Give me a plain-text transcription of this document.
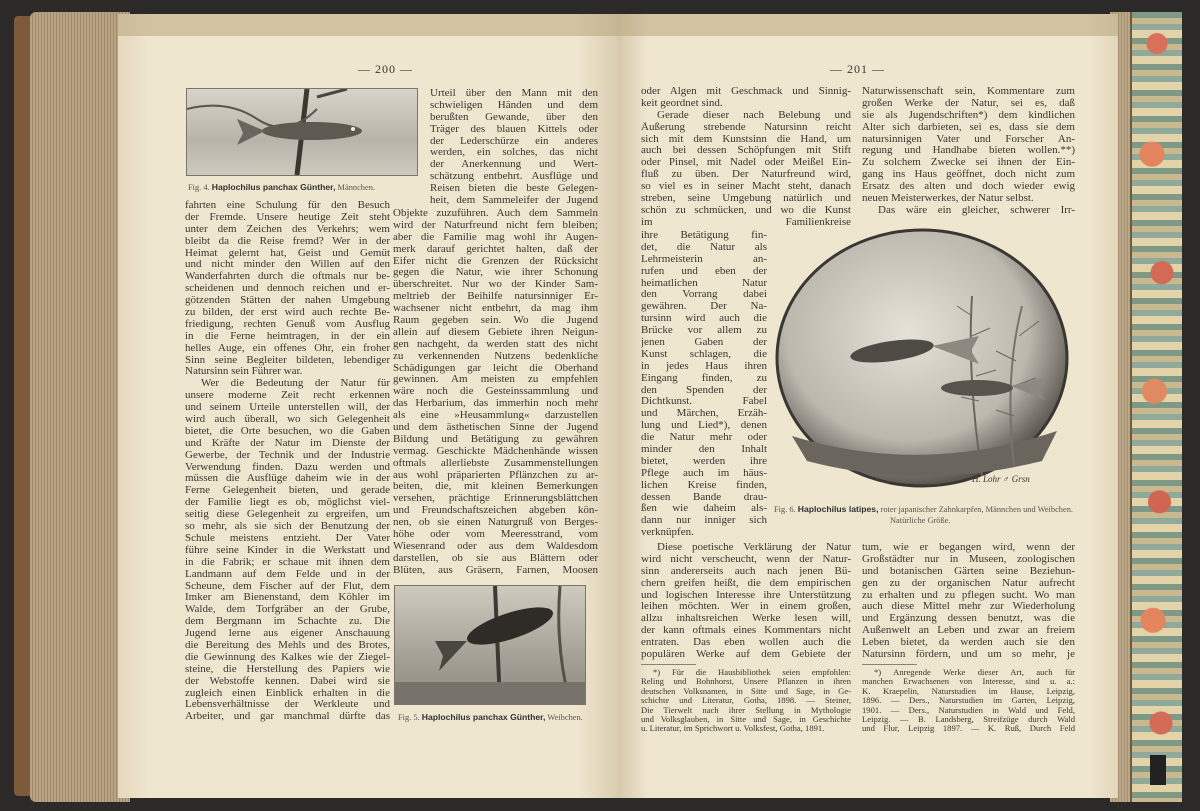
— 200 —	— 201 —
Fig. 4. Haplochilus panchax Günther, Männchen.
Fig. 5. Haplochilus panchax Günther, Weibchen.
H. Lohr ♂ Grsn
Fig. 6. Haplochilus latipes, roter japanischer Zahnkarpfen, Männchen und Weibchen.
Natürliche Größe.
fahrten eine Schulung für den Besuch
der Fremde. Unsere heutige Zeit steht
unter dem Zeichen des Verkehrs; wem
bleibt da die Reise fremd? Wer in der
Heimat gelernt hat, Geist und Gemüt
und nicht minder den Willen auf den
Wanderfahrten durch die oftmals nur be-
scheidenen und dennoch reichen und er-
götzenden Stätten der nahen Umgebung
zu bilden, der erst wird auch rechte Be-
friedigung, rechten Genuß vom Ausflug
in die Ferne heimtragen, in der ein
helles Auge, ein offenes Ohr, ein froher
Sinn seine Begleiter bildeten, lebendiger
Natursinn sein Führer war.
Wer die Bedeutung der Natur für
unsere moderne Zeit recht erkennen
und seinem Urteile unterstellen will, der
wird auch überall, wo sich Gelegenheit
bietet, die Orte besuchen, wo die Gaben
und Kräfte der Natur im Dienste der
Gewerbe, der Technik und der Industrie
Verwendung finden. Dazu werden und
müssen die Ausflüge daheim wie in der
Ferne Gelegenheit bieten, und gerade
der Familie liegt es ob, möglichst viel-
seitig diese Gelegenheit zu ergreifen, um
so mehr, als sie sich der Benutzung der
Schule meistens entzieht. Der Vater
führe seine Kinder in die Werkstatt und
in die Fabrik; er schaue mit ihnen dem
Landmann auf dem Felde und in der
Scheune, dem Fischer auf der Flut, dem
Imker am Bienenstand, dem Köhler im
Walde, dem Torfgräber an der Grube,
dem Bergmann im Schachte zu. Die
Jugend lerne aus eigener Anschauung
die Bereitung des Mehls und des Brotes,
die Gewinnung des Kalkes wie der Ziegel-
steine, die Herstellung des Papiers wie
der Webstoffe kennen. Dabei wird sie
zugleich einen Einblick erhalten in die
Lebensverhältnisse der Werkleute und
Arbeiter, und gar manchmal dürfte das
Urteil über den Mann mit den
schwieligen Händen und dem
berußten Gewande, über den
Träger des blauen Kittels oder
der Lederschürze ein anderes
werden, ein solches, das nicht
der Anerkennung und Wert-
schätzung entbehrt. Ausflüge und
Reisen bieten die beste Gelegen-
heit, dem Sammeleifer der Jugend
Objekte zuzuführen. Auch dem Sammeln
wird der Naturfreund nicht fern bleiben;
aber die Familie mag wohl ihr Augen-
merk darauf gerichtet halten, daß der
Eifer nicht die Grenzen der Rücksicht
gegen die Natur, wie ihrer Schonung
überschreitet. Nur wo der Kinder Sam-
meltrieb der Beihilfe natursinniger Er-
wachsener nicht entbehrt, da mag ihm
Raum gegeben sein. Wo die Jugend
allein auf diesem Gebiete ihren Neigun-
gen nachgeht, da werden statt des nicht
zu verkennenden Nutzens bedenkliche
Schädigungen gar leicht die Oberhand
gewinnen. Am meisten zu empfehlen
wäre noch die Gesteinssammlung und
das Herbarium, das immerhin noch mehr
als eine »Heusammlung« darzustellen
und dem ästhetischen Sinne der Jugend
Bildung und Betätigung zu gewähren
vermag. Geschickte Mädchenhände wissen
oftmals allerliebste Zusammenstellungen
aus wohl präparierten Pflänzchen zu ar-
beiten, die, mit kleinen Bemerkungen
versehen, prächtige Erinnerungsblättchen
und Freundschaftszeichen abgeben kön-
nen, ob sie einen Naturgruß von Berges-
höhe oder vom Meeresstrand, vom
Wiesenrand oder aus dem Waldesdom
darstellen, ob sie aus Blättern oder
Blüten, aus Gräsern, Farnen, Moosen
oder Algen mit Geschmack und Sinnig-
keit geordnet sind.
Gerade dieser nach Belebung und
Äußerung strebende Natursinn reicht
sich mit dem Kunstsinn die Hand, um
auch bei dessen Schöpfungen mit Stift
oder Pinsel, mit Nadel oder Meißel Ein-
fluß zu üben. Der Naturfreund wird,
so viel es in seiner Macht steht, danach
streben, seine Umgebung natürlich und
schön zu schmücken, und wo die Kunst
im Familienkreise
ihre Betätigung fin-
det, die Natur als
Lehrmeisterin an-
rufen und eben der
heimatlichen Natur
den Vorrang dabei
gewähren. Der Na-
tursinn wird auch die
Brücke vor allem zu
jenen Gaben der
Kunst schlagen, die
in jedes Haus ihren
Eingang finden, zu
den Spenden der
Dichtkunst. Fabel
und Märchen, Erzäh-
lung und Lied*), denen
die Natur mehr oder
minder den Inhalt
bietet, werden ihre
Pflege auch im häus-
lichen Kreise finden,
dessen Bande drau-
ßen wie daheim als-
dann nur inniger sich
verknüpfen.
Diese poetische Verklärung der Natur
wird nicht verscheucht, wenn der Natur-
sinn andererseits auch nach jenen Bü-
chern greifen heißt, die dem empirischen
und logischen Interesse ihre Unterstützung
leihen möchten. Wer in einem großen,
allzu inhaltsreichen Werke lesen will,
der kann oftmals eines Kommentars nicht
entraten. Das eben wollen auch die
populären Werke auf dem Gebiete der
Naturwissenschaft sein, Kommentare zum
großen Werke der Natur, sei es, daß
sie als Jugendschriften*) dem kindlichen
Alter sich darbieten, sei es, dass sie dem
natursinnigen Vater und Forscher An-
regung und Handhabe bieten wollen.**)
Zu solchem Zwecke sei ihnen der Ein-
gang ins Haus geöffnet, doch nicht zum
Ersatz des alten und doch wieder ewig
neuen Meisterwerkes, der Natur selbst.
Das wäre ein gleicher, schwerer Irr-
tum, wie er begangen wird, wenn der
Großstädter nur in Museen, zoologischen
und botanischen Gärten seine Beziehun-
gen zu der organischen Natur aufrecht
zu erhalten und zu pflegen sucht. Wo man
auch diese Mittel mehr zur Wiederholung
und Ergänzung dessen benutzt, was die
Außenwelt an Leben und zwar an freiem
Leben bietet, da werden auch sie den
Natursinn fördern, und um so mehr, je
*) Für die Hausbibliothek seien empfohlen:
Reling und Bohnhorst, Unsere Pflanzen in ihren
deutschen Volksnamen, in Sitte und Sage, in Ge-
schichte und Literatur, Gotha, 1898. — Steiner,
Die Tierwelt nach ihrer Stellung in Mythologie
und Volksglauben, in Sitte und Sage, in Geschichte
u. Literatur, im Sprichwort u. Volksfest, Gotha, 1891.
*) Anregende Werke dieser Art, auch für
manchen Erwachsenen von Interesse, sind u. a.:
K. Kraepelin, Naturstudien im Hause, Leipzig,
1896. — Ders., Naturstudien im Garten, Leipzig,
1901. — Ders., Naturstudien in Wald und Feld,
Leipzig. — B. Landsberg, Streifzüge durch Wald
und Flur, Leipzig 1897. — K. Ruß, Durch Feld
